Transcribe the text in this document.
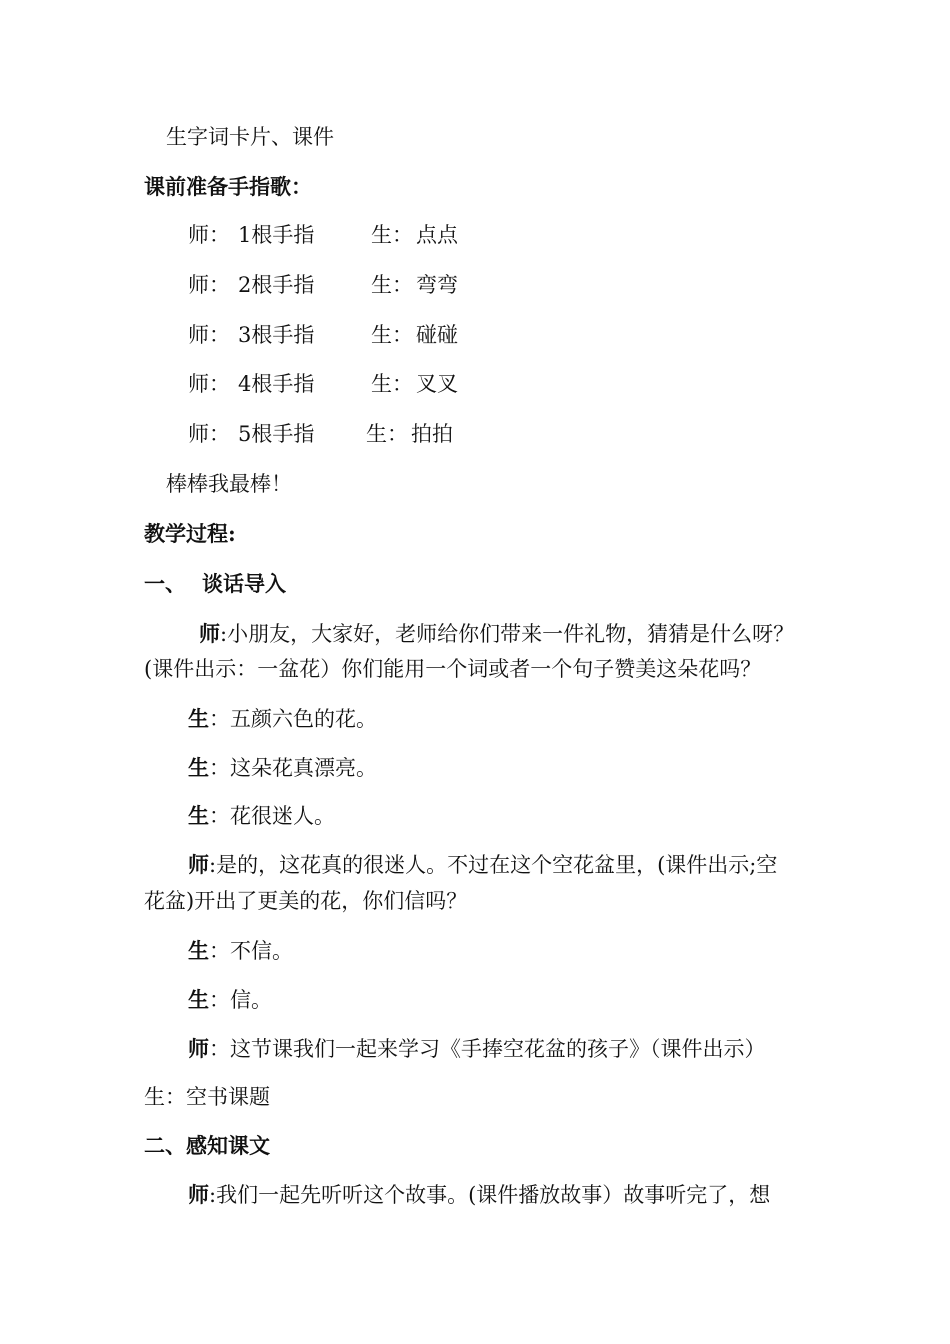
生字词卡片、课件
课前准备手指歌：
师： 1根手指	生： 点点
师： 2根手指	生： 弯弯
师： 3根手指	生： 碰碰
师： 4根手指	生： 叉叉
师： 5根手指 生： 拍拍
棒棒我最棒！
教学过程:
一、 谈话导入
师:小朋友，大家好，老师给你们带来一件礼物，猜猜是什么呀？
(课件出示：一盆花）你们能用一个词或者一个句子赞美这朵花吗？
生：五颜六色的花。
生：这朵花真漂亮。
生：花很迷人。
师:是的，这花真的很迷人。不过在这个空花盆里，(课件出示;空
花盆)开出了更美的花，你们信吗？
生：不信。
生：信。
师：这节课我们一起来学习《手捧空花盆的孩子》（课件出示）
生：空书课题
二、感知课文
师:我们一起先听听这个故事。(课件播放故事）故事听完了，想
